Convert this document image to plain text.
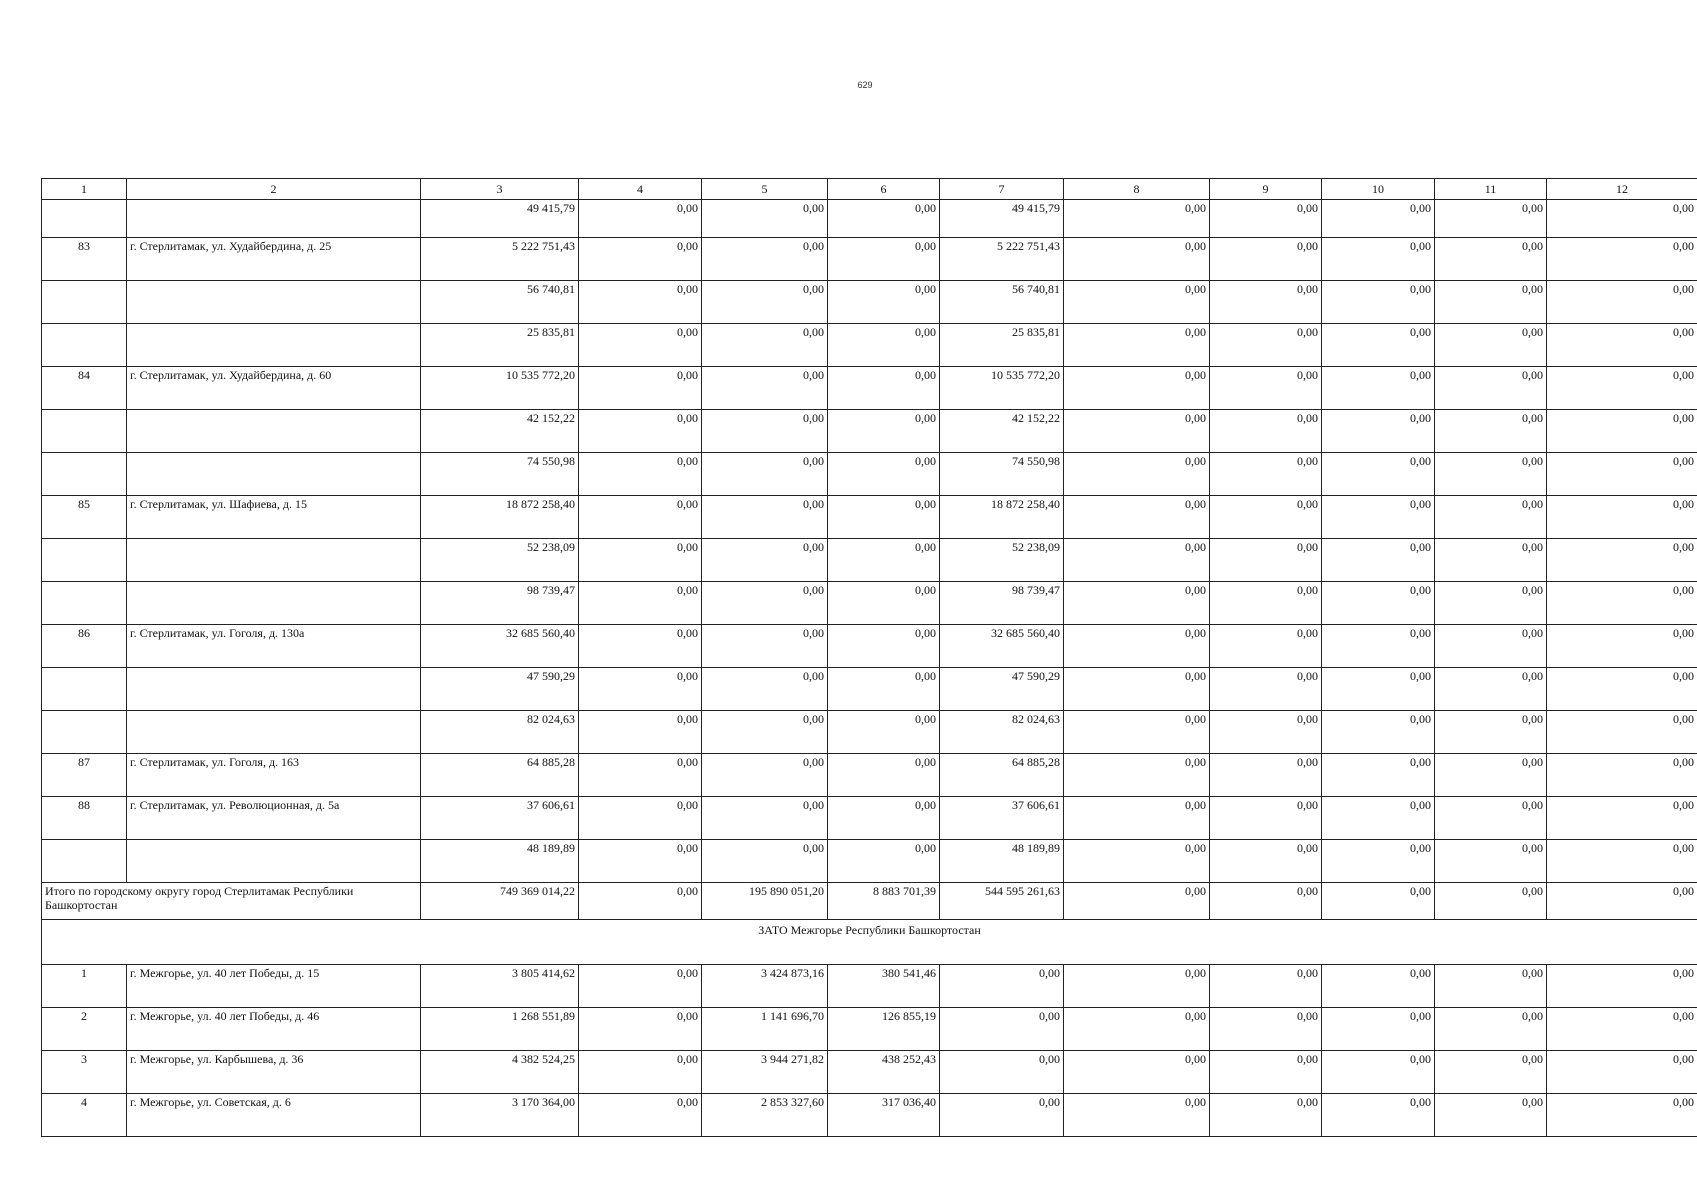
629
1	2	3	4	5	6	7	8	9	10	11	12
		49 415,79	0,00	0,00	0,00	49 415,79	0,00	0,00	0,00	0,00	0,00
83	г. Стерлитамак, ул. Худайбердина, д. 25	5 222 751,43	0,00	0,00	0,00	5 222 751,43	0,00	0,00	0,00	0,00	0,00
		56 740,81	0,00	0,00	0,00	56 740,81	0,00	0,00	0,00	0,00	0,00
		25 835,81	0,00	0,00	0,00	25 835,81	0,00	0,00	0,00	0,00	0,00
84	г. Стерлитамак, ул. Худайбердина, д. 60	10 535 772,20	0,00	0,00	0,00	10 535 772,20	0,00	0,00	0,00	0,00	0,00
		42 152,22	0,00	0,00	0,00	42 152,22	0,00	0,00	0,00	0,00	0,00
		74 550,98	0,00	0,00	0,00	74 550,98	0,00	0,00	0,00	0,00	0,00
85	г. Стерлитамак, ул. Шафиева, д. 15	18 872 258,40	0,00	0,00	0,00	18 872 258,40	0,00	0,00	0,00	0,00	0,00
		52 238,09	0,00	0,00	0,00	52 238,09	0,00	0,00	0,00	0,00	0,00
		98 739,47	0,00	0,00	0,00	98 739,47	0,00	0,00	0,00	0,00	0,00
86	г. Стерлитамак, ул. Гоголя, д. 130а	32 685 560,40	0,00	0,00	0,00	32 685 560,40	0,00	0,00	0,00	0,00	0,00
		47 590,29	0,00	0,00	0,00	47 590,29	0,00	0,00	0,00	0,00	0,00
		82 024,63	0,00	0,00	0,00	82 024,63	0,00	0,00	0,00	0,00	0,00
87	г. Стерлитамак, ул. Гоголя, д. 163	64 885,28	0,00	0,00	0,00	64 885,28	0,00	0,00	0,00	0,00	0,00
88	г. Стерлитамак, ул. Революционная, д. 5а	37 606,61	0,00	0,00	0,00	37 606,61	0,00	0,00	0,00	0,00	0,00
		48 189,89	0,00	0,00	0,00	48 189,89	0,00	0,00	0,00	0,00	0,00
Итого по городскому округу город Стерлитамак Республики Башкортостан		749 369 014,22	0,00	195 890 051,20	8 883 701,39	544 595 261,63	0,00	0,00	0,00	0,00	0,00
ЗАТО Межгорье Республики Башкортостан											
1	г. Межгорье, ул. 40 лет Победы, д. 15	3 805 414,62	0,00	3 424 873,16	380 541,46	0,00	0,00	0,00	0,00	0,00	0,00
2	г. Межгорье, ул. 40 лет Победы, д. 46	1 268 551,89	0,00	1 141 696,70	126 855,19	0,00	0,00	0,00	0,00	0,00	0,00
3	г. Межгорье, ул. Карбышева, д. 36	4 382 524,25	0,00	3 944 271,82	438 252,43	0,00	0,00	0,00	0,00	0,00	0,00
4	г. Межгорье, ул. Советская, д. 6	3 170 364,00	0,00	2 853 327,60	317 036,40	0,00	0,00	0,00	0,00	0,00	0,00
